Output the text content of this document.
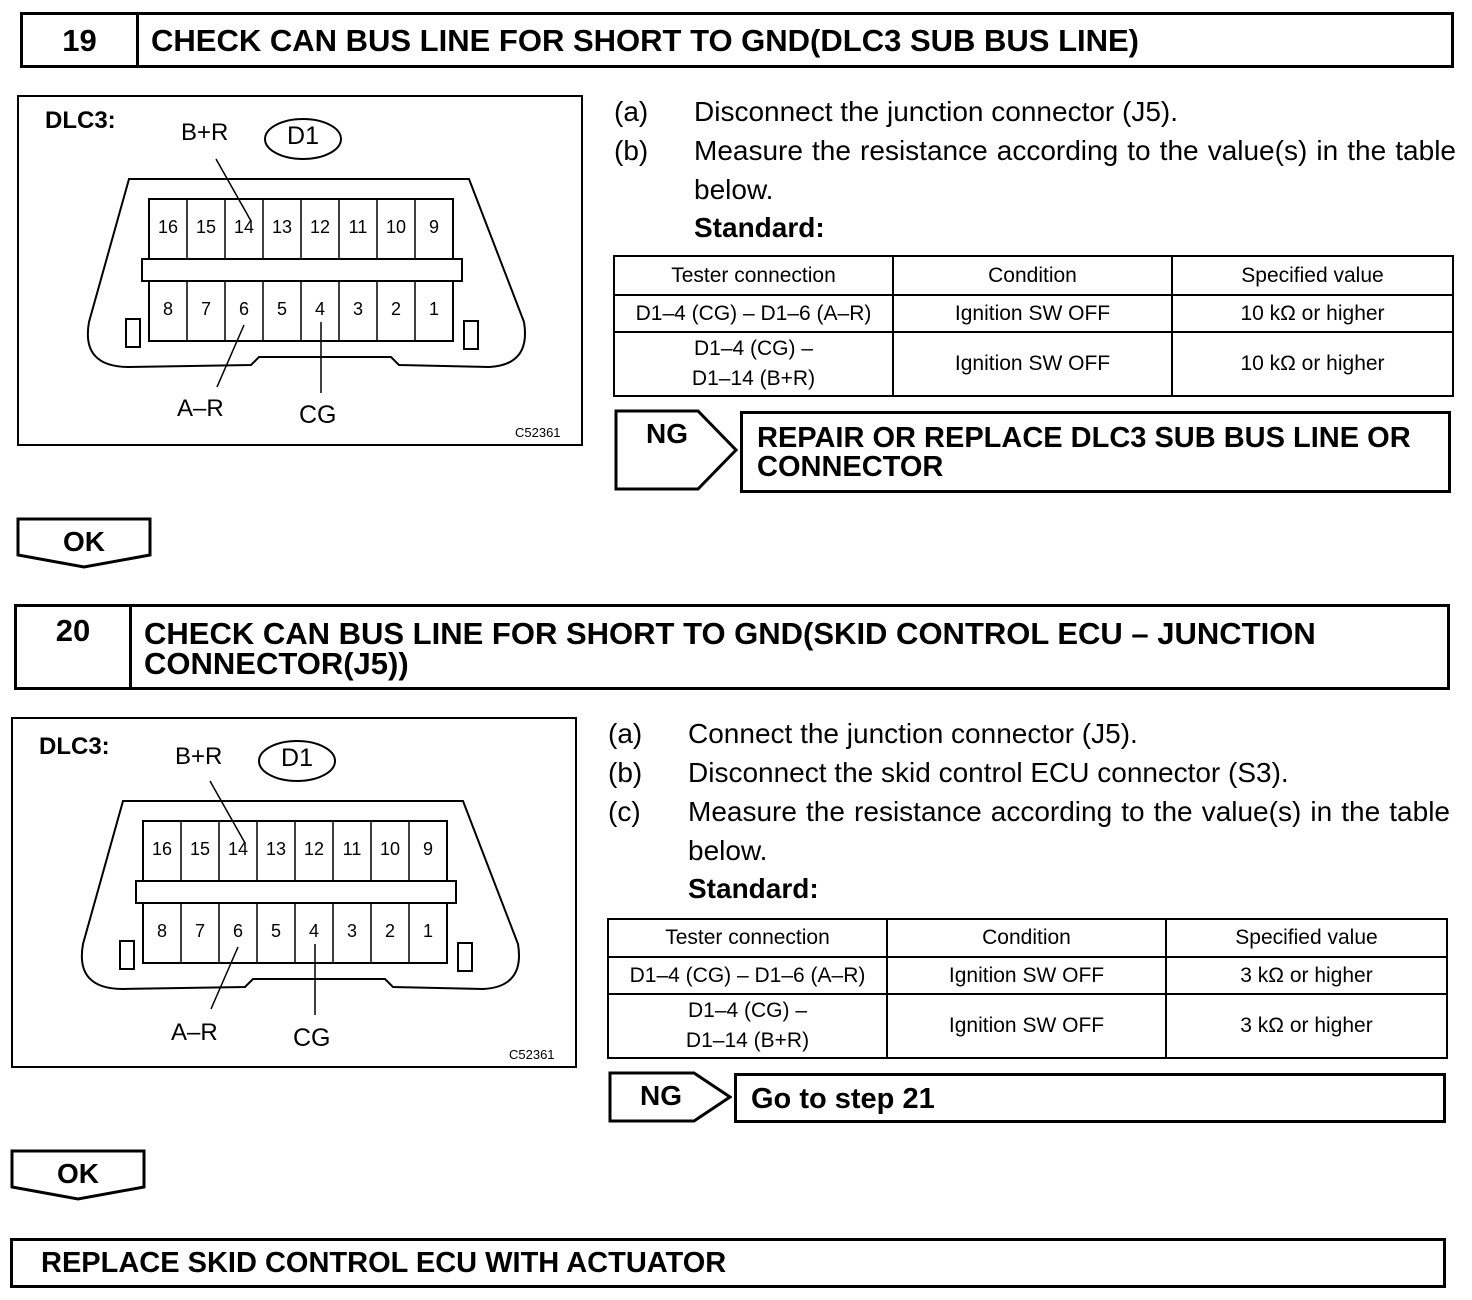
19	CHECK CAN BUS LINE FOR SHORT TO GND(DLC3 SUB BUS LINE)
DLC3:
D1
B+R
A–R	CG
C52361
16 15 14 13 12	11	10	9
8	7	6	5	4	3	2	1
(a)	Disconnect the junction connector (J5).
(b)	Measure the resistance according to the value(s) in the table below.
Standard:
Tester connection	Condition	Specified value
D1–4 (CG) – D1–6 (A–R)	Ignition SW OFF	10 kΩ or higher

D1–4 (CG) –
D1–14 (B+R)	Ignition SW OFF	10 kΩ or higher
NG	REPAIR OR REPLACE DLC3 SUB BUS LINE OR CONNECTOR
OK
20	CHECK CAN BUS LINE FOR SHORT TO GND(SKID CONTROL ECU – JUNCTION CONNECTOR(J5))
DLC3:	D1
B+R
A–R	CG
C52361
16 15 14 13 12	11	10	9
8	7	6	5	4	3	2	1
(a)	Connect the junction connector (J5).
(b)	Disconnect the skid control ECU connector (S3).
(c)	Measure the resistance according to the value(s) in the table below.
Standard:
Tester connection	Condition	Specified value
D1–4 (CG) – D1–6 (A–R)	Ignition SW OFF	3 kΩ or higher

D1–4 (CG) –
D1–14 (B+R)	Ignition SW OFF	3 kΩ or higher
NG	Go to step 21
OK
REPLACE SKID CONTROL ECU WITH ACTUATOR
